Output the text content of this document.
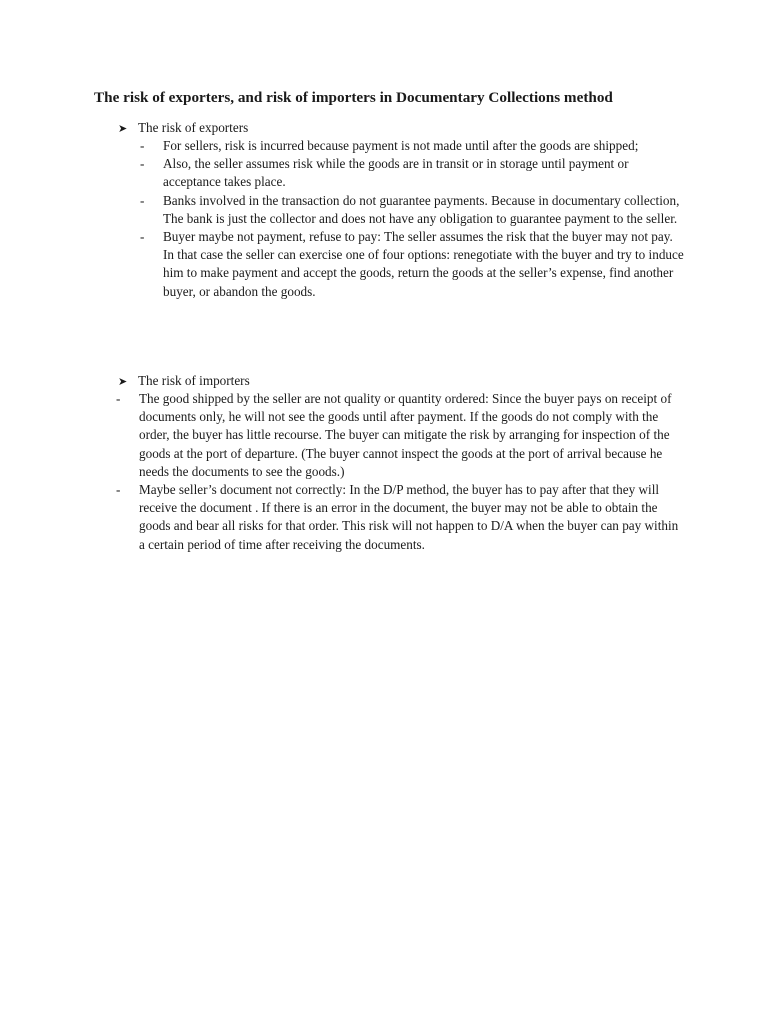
The risk of exporters, and risk of importers in Documentary Collections method
➤ The risk of exporters
- For sellers, risk is incurred because payment is not made until after the goods are shipped;
- Also, the seller assumes risk while the goods are in transit or in storage until payment or acceptance takes place.
- Banks involved in the transaction do not guarantee payments. Because in documentary collection, The bank is just the collector and does not have any obligation to guarantee payment to the seller.
- Buyer maybe not payment, refuse to pay: The seller assumes the risk that the buyer may not pay. In that case the seller can exercise one of four options: renegotiate with the buyer and try to induce him to make payment and accept the goods, return the goods at the seller’s expense, find another buyer, or abandon the goods.
➤ The risk of importers
- The good shipped by the seller are not quality or quantity ordered: Since the buyer pays on receipt of documents only, he will not see the goods until after payment. If the goods do not comply with the order, the buyer has little recourse. The buyer can mitigate the risk by arranging for inspection of the goods at the port of departure. (The buyer cannot inspect the goods at the port of arrival because he needs the documents to see the goods.)
- Maybe seller’s document not correctly: In the D/P method, the buyer has to pay after that they will receive the document . If there is an error in the document, the buyer may not be able to obtain the goods and bear all risks for that order. This risk will not happen to D/A when the buyer can pay within a certain period of time after receiving the documents.
